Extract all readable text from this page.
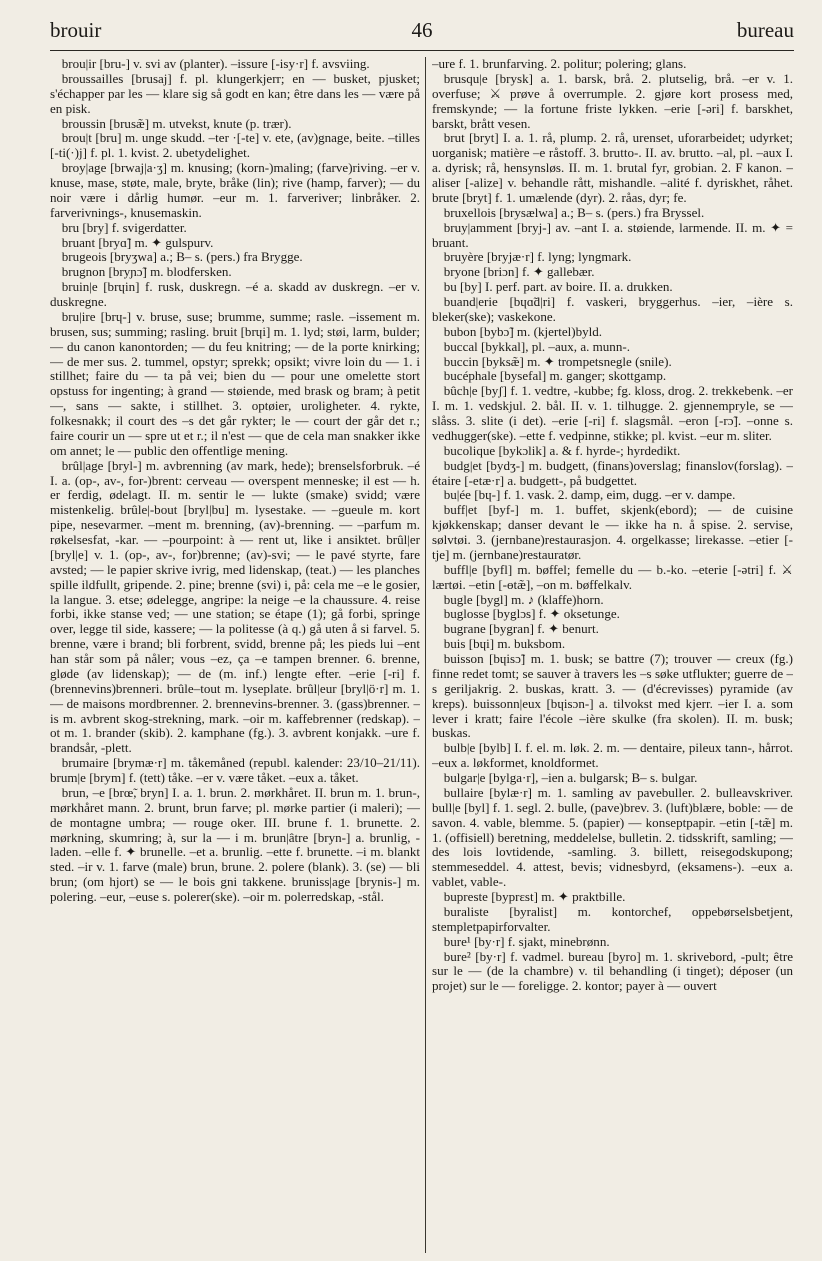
brouir	46	bureau

brou|ir [bru-] v. svi av (planter). –issure [-isy·r] f. avsviing.

broussailles [brusaj] f. pl. klungerkjerr; en — busket, pjusket; s'échapper par les — klare sig så godt en kan; être dans les — være på en pisk.

broussin [brusæ̃] m. utvekst, knute (p. trær).

brou|t [bru] m. unge skudd. –ter ·[-te] v. ete, (av)gnage, beite. –tilles [-ti(·)j] f. pl. 1. kvist. 2. ubetydelighet.

broy|age [brwaj|a·ʒ] m. knusing; (korn-)maling; (farve)riving. –er v. knuse, mase, støte, male, bryte, bråke (lin); rive (hamp, farver); — du noir være i dårlig humør. –eur m. 1. farveriver; linbråker. 2. farverivnings-, knusemaskin.

bru [bry] f. svigerdatter.

bruant [bryɑ̃] m. ✦ gulspurv.

brugeois [bryʒwa] a.; B– s. (pers.) fra Brygge.

brugnon [bryɲɔ̃] m. blodfersken.

bruin|e [brɥin] f. rusk, duskregn. –é a. skadd av duskregn. –er v. duskregne.

bru|ire [brɥ-] v. bruse, suse; brumme, summe; rasle. –issement m. brusen, sus; summing; rasling. bruit [brɥi] m. 1. lyd; støi, larm, bulder; — du canon kanontorden; — du feu knitring; — de la porte knirking; — de mer sus. 2. tummel, opstyr; sprekk; opsikt; vivre loin du — 1. i stillhet; faire du — ta på vei; bien du — pour une omelette stort opstuss for ingenting; à grand — støiende, med brask og bram; à petit —, sans — sakte, i stillhet. 3. optøier, uroligheter. 4. rykte, folkesnakk; il court des –s det går rykter; le — court der går det r.; faire courir un — spre ut et r.; il n'est — que de cela man snakker ikke om annet; le — public den offentlige mening.

brûl|age [bryl-] m. avbrenning (av mark, hede); brenselsforbruk. –é I. a. (op-, av-, for-)brent: cerveau — overspent menneske; il est — h. er ferdig, ødelagt. II. m. sentir le — lukte (smake) svidd; være mistenkelig. brûle|-bout [bryl|bu] m. lysestake. — –gueule m. kort pipe, nesevarmer. –ment m. brenning, (av)-brenning. — –parfum m. røkelsesfat, -kar. — –pourpoint: à — rent ut, like i ansiktet. brûl|er [bryl|e] v. 1. (op-, av-, for)brenne; (av)-svi; — le pavé styrte, fare avsted; — le papier skrive ivrig, med lidenskap, (teat.) — les planches spille ildfullt, gripende. 2. pine; brenne (svi) i, på: cela me –e le gosier, la langue. 3. etse; ødelegge, angripe: la neige –e la chaussure. 4. reise forbi, ikke stanse ved; — une station; se étape (1); gå forbi, springe over, legge til side, kassere; — la politesse (à q.) gå uten å si farvel. 5. brenne, være i brand; bli forbrent, svidd, brenne på; les pieds lui –ent han står som på nåler; vous –ez, ça –e tampen brenner. 6. brenne, gløde (av lidenskap); — de (m. inf.) lengte efter. –erie [-ri] f. (brennevins)brenneri. brûle–tout m. lyseplate. brûl|eur [bryl|ö·r] m. 1. — de maisons mordbrenner. 2. brennevins-brenner. 3. (gass)brenner. –is m. avbrent skog-strekning, mark. –oir m. kaffebrenner (redskap). –ot m. 1. brander (skib). 2. kamphane (fg.). 3. avbrent konjakk. –ure f. brandsår, -plett.

brumaire [brymæ·r] m. tåkemåned (republ. kalender: 23/10–21/11). brum|e [brym] f. (tett) tåke. –er v. være tåket. –eux a. tåket.

brun, –e [brœ̃, bryn] I. a. 1. brun. 2. mørkhåret. II. brun m. 1. brun-, mørkhåret mann. 2. brunt, brun farve; pl. mørke partier (i maleri); — de montagne umbra; — rouge oker. III. brune f. 1. brunette. 2. mørkning, skumring; à, sur la — i m. brun|âtre [bryn-] a. brunlig, -laden. –elle f. ✦ brunelle. –et a. brunlig. –ette f. brunette. –i m. blankt sted. –ir v. 1. farve (male) brun, brune. 2. polere (blank). 3. (se) — bli brun; (om hjort) se — le bois gni takkene. bruniss|age [brynis-] m. polering. –eur, –euse s. polerer(ske). –oir m. polerredskap, -stål.

–ure f. 1. brunfarving. 2. politur; polering; glans.

brusqu|e [brysk] a. 1. barsk, brå. 2. plutselig, brå. –er v. 1. overfuse; ⚔ prøve å overrumple. 2. gjøre kort prosess med, fremskynde; — la fortune friste lykken. –erie [-əri] f. barskhet, barskt, brått vesen.

brut [bryt] I. a. 1. rå, plump. 2. rå, urenset, uforarbeidet; udyrket; uorganisk; matière –e råstoff. 3. brutto-. II. av. brutto. –al, pl. –aux I. a. dyrisk; rå, hensynsløs. II. m. 1. brutal fyr, grobian. 2. F kanon. –aliser [-alize] v. behandle rått, mishandle. –alité f. dyriskhet, råhet. brute [bryt] f. 1. umælende (dyr). 2. råas, dyr; fe.

bruxellois [brysælwa] a.; B– s. (pers.) fra Bryssel.

bruy|amment [bryj-] av. –ant I. a. støiende, larmende. II. m. ✦ = bruant.

bruyère [bryjæ·r] f. lyng; lyngmark.

bryone [briɔn] f. ✦ gallebær.

bu [by] I. perf. part. av boire. II. a. drukken.

buand|erie [bɥɑ̃d|ri] f. vaskeri, bryggerhus. –ier, –ière s. bleker(ske); vaskekone.

bubon [bybɔ̃] m. (kjertel)byld.

buccal [bykkal], pl. –aux, a. munn-.

buccin [byksæ̃] m. ✦ trompetsnegle (snile).

bucéphale [bysefal] m. ganger; skottgamp.

bûch|e [byʃ] f. 1. vedtre, -kubbe; fg. kloss, drog. 2. trekkebenk. –er I. m. 1. vedskjul. 2. bål. II. v. 1. tilhugge. 2. gjennempryle, se — slåss. 3. slite (i det). –erie [-ri] f. slagsmål. –eron [-rɔ̃]. –onne s. vedhugger(ske). –ette f. vedpinne, stikke; pl. kvist. –eur m. sliter.

bucolique [bykɔlik] a. & f. hyrde-; hyrdedikt.

budg|et [bydʒ-] m. budgett, (finans)overslag; finanslov(forslag). –étaire [-etæ·r] a. budgett-, på budgettet.

bu|ée [bɥ-] f. 1. vask. 2. damp, eim, dugg. –er v. dampe.

buff|et [byf-] m. 1. buffet, skjenk(ebord); — de cuisine kjøkkenskap; danser devant le — ikke ha n. å spise. 2. servise, sølvtøi. 3. (jernbane)restaurasjon. 4. orgelkasse; lirekasse. –etier [-tje] m. (jernbane)restauratør.

buffl|e [byfl] m. bøffel; femelle du — b.-ko. –eterie [-ətri] f. ⚔ lærtøi. –etin [-ɵtæ̃], –on m. bøffelkalv.

bugle [bygl] m. ♪ (klaffe)horn.

buglosse [byglɔs] f. ✦ oksetunge.

bugrane [bygran] f. ✦ benurt.

buis [bɥi] m. buksbom.

buisson [bɥisɔ̃] m. 1. busk; se battre (7); trouver — creux (fg.) finne redet tomt; se sauver à travers les –s søke utflukter; guerre de –s geriljakrig. 2. buskas, kratt. 3. — (d'écrevisses) pyramide (av kreps). buissonn|eux [bɥisɔn-] a. tilvokst med kjerr. –ier I. a. som lever i kratt; faire l'école –ière skulke (fra skolen). II. m. busk; buskas.

bulb|e [bylb] I. f. el. m. løk. 2. m. — dentaire, pileux tann-, hårrot. –eux a. løkformet, knoldformet.

bulgar|e [bylga·r], –ien a. bulgarsk; B– s. bulgar.

bullaire [bylæ·r] m. 1. samling av pavebuller. 2. bulleavskriver. bull|e [byl] f. 1. segl. 2. bulle, (pave)brev. 3. (luft)blære, boble: — de savon. 4. vable, blemme. 5. (papier) — konseptpapir. –etin [-tæ̃] m. 1. (offisiell) beretning, meddelelse, bulletin. 2. tidsskrift, samling; — des lois lovtidende, -samling. 3. billett, reisegodskupong; stemmeseddel. 4. attest, bevis; vidnesbyrd, (eksamens-). –eux a. vablet, vable-.

bupreste [byprɛst] m. ✦ praktbille.

buraliste [byralist] m. kontorchef, oppebørselsbetjent, stempletpapirforvalter.

bure¹ [by·r] f. sjakt, minebrønn.

bure² [by·r] f. vadmel. bureau [byro] m. 1. skrivebord, -pult; être sur le — (de la chambre) v. til behandling (i tinget); déposer (un projet) sur le — foreligge. 2. kontor; payer à — ouvert
